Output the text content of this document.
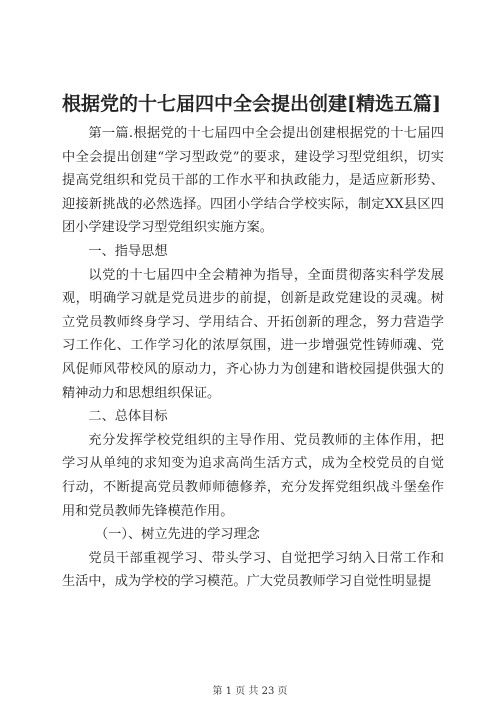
根据党的十七届四中全会提出创建[精选五篇]

第一篇.根据党的十七届四中全会提出创建根据党的十七届四中全会提出创建“学习型政党”的要求，建设学习型党组织，切实提高党组织和党员干部的工作水平和执政能力，是适应新形势、迎接新挑战的必然选择。四团小学结合学校实际，制定XX县区四团小学建设学习型党组织实施方案。

一、指导思想

以党的十七届四中全会精神为指导，全面贯彻落实科学发展观，明确学习就是党员进步的前提，创新是政党建设的灵魂。树立党员教师终身学习、学用结合、开拓创新的理念，努力营造学习工作化、工作学习化的浓厚氛围，进一步增强党性铸师魂、党风促师风带校风的原动力，齐心协力为创建和谐校园提供强大的精神动力和思想组织保证。

二、总体目标

充分发挥学校党组织的主导作用、党员教师的主体作用，把学习从单纯的求知变为追求高尚生活方式，成为全校党员的自觉行动，不断提高党员教师师德修养，充分发挥党组织战斗堡垒作用和党员教师先锋模范作用。

（一）、树立先进的学习理念

党员干部重视学习、带头学习、自觉把学习纳入日常工作和生活中，成为学校的学习模范。广大党员教师学习自觉性明显提

第 1 页 共 23 页
